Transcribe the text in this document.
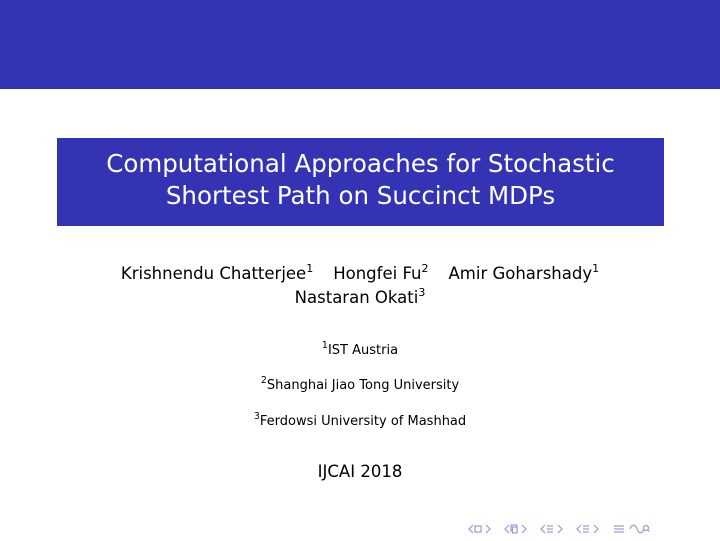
Computational Approaches for Stochastic
Shortest Path on Succinct MDPs
Krishnendu Chatterjee$^1$ Hongfei Fu$^2$ Amir Goharshady$^1$
Nastaran Okati$^3$
$^1$IST Austria
$^2$Shanghai Jiao Tong University
$^3$Ferdowsi University of Mashhad
IJCAI 2018
